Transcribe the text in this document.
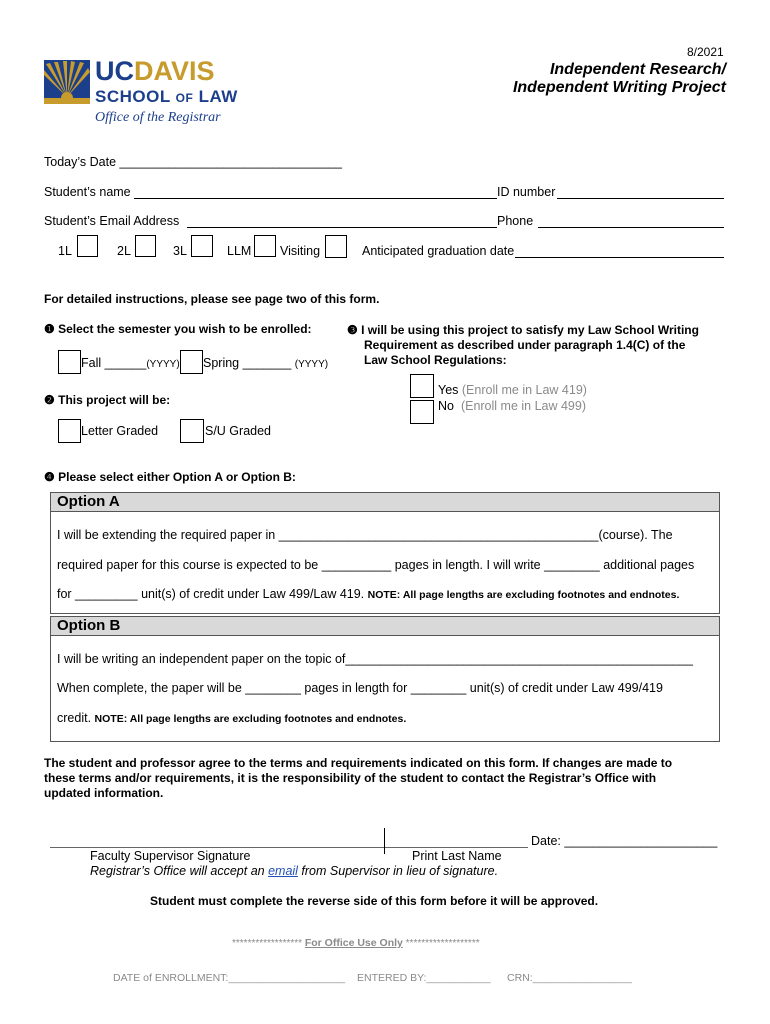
8/2021
Independent Research/
Independent Writing Project
UCDAVIS
SCHOOL OF LAW
Office of the Registrar
Today’s Date ________________________________
Student’s name	ID number
Student’s Email Address	Phone
1L	2L	3L	LLM Visiting	Anticipated graduation date
For detailed instructions, please see page two of this form.
❶ Select the semester you wish to be enrolled:
Fall ______(YYYY) Spring _______ (YYYY)
❸ I will be using this project to satisfy my Law School Writing
Requirement as described under paragraph 1.4(C) of the
Law School Regulations:
Yes (Enroll me in Law 419)
No (Enroll me in Law 499)
❷ This project will be:
Letter Graded	S/U Graded
❹ Please select either Option A or Option B:
Option A
I will be extending the required paper in ______________________________________________(course). The
required paper for this course is expected to be __________ pages in length. I will write ________ additional pages
for _________ unit(s) of credit under Law 499/Law 419. NOTE: All page lengths are excluding footnotes and endnotes.
Option B
I will be writing an independent paper on the topic of__________________________________________________
When complete, the paper will be ________ pages in length for ________ unit(s) of credit under Law 499/419
credit. NOTE: All page lengths are excluding footnotes and endnotes.
The student and professor agree to the terms and requirements indicated on this form. If changes are made to
these terms and/or requirements, it is the responsibility of the student to contact the Registrar’s Office with
updated information.
Date: ______________________
Faculty Supervisor Signature	Print Last Name
Registrar’s Office will accept an email from Supervisor in lieu of signature.
Student must complete the reverse side of this form before it will be approved.
****************** For Office Use Only *******************
DATE of ENROLLMENT:____________________ ENTERED BY:___________ CRN:_________________
